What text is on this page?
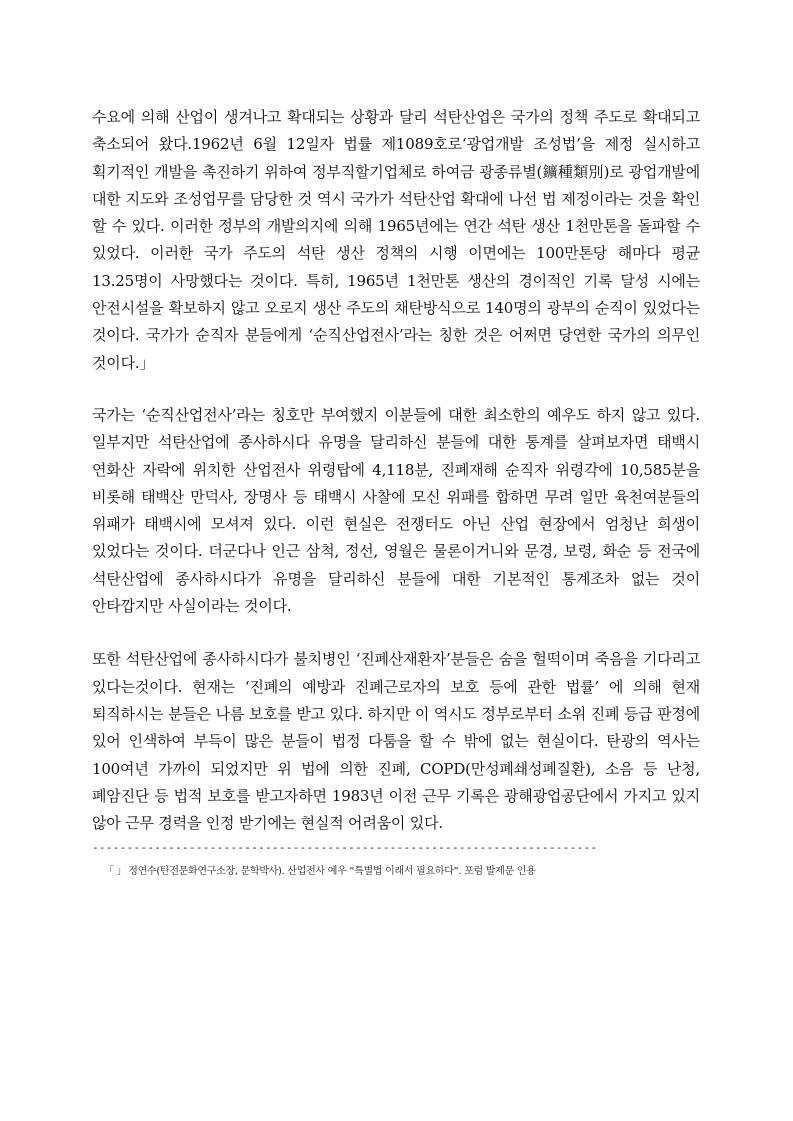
수요에 의해 산업이 생겨나고 확대되는 상황과 달리 석탄산업은 국가의 정책 주도로 확대되고 축소되어 왔다.1962년 6월 12일자 법률 제1089호로‘광업개발 조성법’을 제정 실시하고 획기적인 개발을 촉진하기 위하여 정부직할기업체로 하여금 광종류별(鑛種類別)로 광업개발에 대한 지도와 조성업무를 담당한 것 역시 국가가 석탄산업 확대에 나선 법 제정이라는 것을 확인 할 수 있다. 이러한 정부의 개발의지에 의해 1965년에는 연간 석탄 생산 1천만톤을 돌파할 수 있었다. 이러한 국가 주도의 석탄 생산 정책의 시행 이면에는 100만톤당 해마다 평균 13.25명이 사망했다는 것이다. 특히, 1965년 1천만톤 생산의 경이적인 기록 달성 시에는 안전시설을 확보하지 않고 오로지 생산 주도의 채탄방식으로 140명의 광부의 순직이 있었다는 것이다. 국가가 순직자 분들에게 ‘순직산업전사’라는 칭한 것은 어쩌면 당연한 국가의 의무인 것이다.」

국가는 ‘순직산업전사’라는 칭호만 부여했지 이분들에 대한 최소한의 예우도 하지 않고 있다. 일부지만 석탄산업에 종사하시다 유명을 달리하신 분들에 대한 통계를 살펴보자면 태백시 연화산 자락에 위치한 산업전사 위령탑에 4,118분, 진폐재해 순직자 위령각에 10,585분을 비롯해 태백산 만덕사, 장명사 등 태백시 사찰에 모신 위패를 합하면 무려 일만 육천여분들의 위패가 태백시에 모셔져 있다. 이런 현실은 전쟁터도 아닌 산업 현장에서 엄청난 희생이 있었다는 것이다. 더군다나 인근 삼척, 정선, 영월은 물론이거니와 문경, 보령, 화순 등 전국에 석탄산업에 종사하시다가 유명을 달리하신 분들에 대한 기본적인 통계조차 없는 것이 안타깝지만 사실이라는 것이다.

또한 석탄산업에 종사하시다가 불치병인 ‘진폐산재환자’분들은 숨을 헐떡이며 죽음을 기다리고 있다는것이다. 현재는 ‘진폐의 예방과 진폐근로자의 보호 등에 관한 법률’ 에 의해 현재 퇴직하시는 분들은 나름 보호를 받고 있다. 하지만 이 역시도 정부로부터 소위 진폐 등급 판정에 있어 인색하여 부득이 많은 분들이 법정 다툼을 할 수 밖에 없는 현실이다. 탄광의 역사는 100여년 가까이 되었지만 위 법에 의한 진폐, COPD(만성폐쇄성폐질환), 소음 등 난청, 폐암진단 등 법적 보호를 받고자하면 1983년 이전 근무 기록은 광해광업공단에서 가지고 있지 않아 근무 경력을 인정 받기에는 현실적 어려움이 있다.

-------------------------------------------------------------------------
「 」 정연수(탄전문화연구소장, 문학박사). 산업전사 예우 “특별법 이래서 필요하다”. 포럼 발제문 인용
